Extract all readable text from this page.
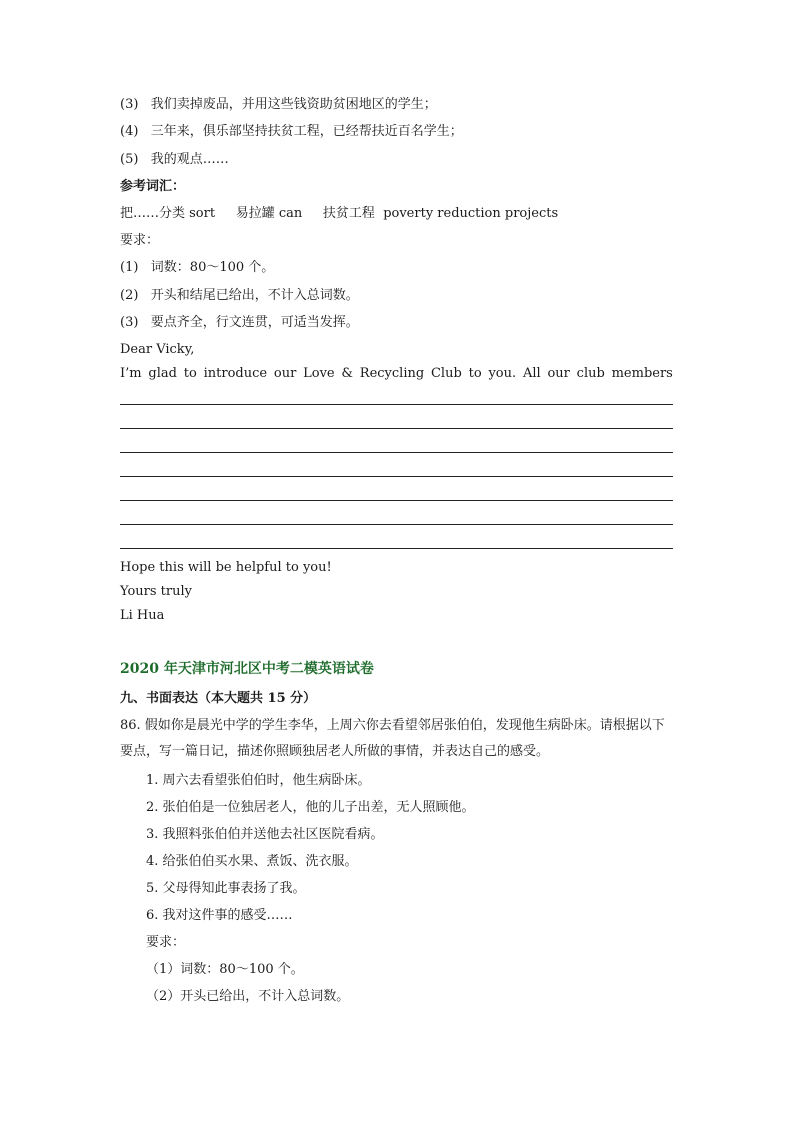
(3)   我们卖掉废品，并用这些钱资助贫困地区的学生；
(4)   三年来，俱乐部坚持扶贫工程，已经帮扶近百名学生；
(5)   我的观点……
参考词汇：
把……分类 sort     易拉罐 can     扶贫工程  poverty reduction projects
要求：
(1)   词数：80～100 个。
(2)   开头和结尾已给出，不计入总词数。
(3)   要点齐全，行文连贯，可适当发挥。
Dear Vicky,
I’m glad to introduce our Love & Recycling Club to you. All our club members
Hope this will be helpful to you!
Yours truly
Li Hua
2020 年天津市河北区中考二模英语试卷
九、书面表达（本大题共 15 分）
86. 假如你是晨光中学的学生李华，上周六你去看望邻居张伯伯，发现他生病卧床。请根据以下要点，写一篇日记，描述你照顾独居老人所做的事情，并表达自己的感受。
1. 周六去看望张伯伯时，他生病卧床。
2. 张伯伯是一位独居老人，他的儿子出差，无人照顾他。
3. 我照料张伯伯并送他去社区医院看病。
4. 给张伯伯买水果、煮饭、洗衣服。
5. 父母得知此事表扬了我。
6. 我对这件事的感受……
要求：
（1）词数：80～100 个。
（2）开头已给出，不计入总词数。
